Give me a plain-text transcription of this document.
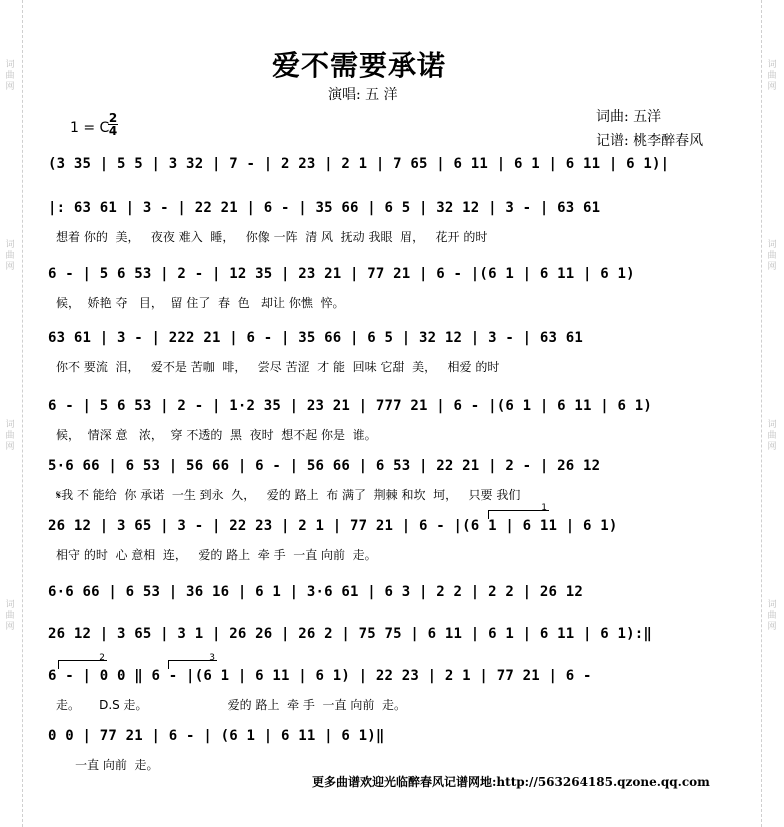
词曲网
词曲网
词曲网
词曲网
词曲网
词曲网
词曲网
词曲网
爱不需要承诺
演唱: 五 洋
词曲: 五洋
记谱: 桃李醉春风
1 = C
2
4
(3 35 | 5 5 | 3 32 | 7 - | 2 23 | 2 1 | 7 65 | 6 11 | 6 1 | 6 11 | 6 1)|
|: 63 61 | 3 - | 22 21 | 6 - | 35 66 | 6 5 | 32 12 | 3 - | 63 61
想着 你的  美，   夜夜 难入  睡，   你像 一阵  清 风  抚动 我眼  眉，   花开 的时
6 - | 5 6 53 | 2 - | 12 35 | 23 21 | 77 21 | 6 - |(6 1 | 6 11 | 6 1)
候，  娇艳 夺   目，  留 住了  春  色   却让 你憔  悴。
63 61 | 3 - | 222 21 | 6 - | 35 66 | 6 5 | 32 12 | 3 - | 63 61
你不 要流  泪，   爱不是 苦咖  啡，   尝尽 苦涩  才 能  回味 它甜  美，   相爱 的时
6 - | 5 6 53 | 2 - | 1·2 35 | 23 21 | 777 21 | 6 - |(6 1 | 6 11 | 6 1)
候，  情深 意   浓，  穿 不透的  黑  夜时  想不起 你是  谁。
5·6 66 | 6 53 | 56 66 | 6 - | 56 66 | 6 53 | 22 21 | 2 - | 26 12
𝄋我 不 能给  你 承诺  一生 到永  久，   爱的 路上  布 满了  荆棘 和坎  坷，   只要 我们
1
26 12 | 3 65 | 3 - | 22 23 | 2 1 | 77 21 | 6 - |(6 1 | 6 11 | 6 1)
相守 的时  心 意相  连，   爱的 路上  牵 手  一直 向前  走。
6·6 66 | 6 53 | 36 16 | 6 1 | 3·6 61 | 6 3 | 2 2 | 2 2 | 26 12
26 12 | 3 65 | 3 1 | 26 26 | 26 2 | 75 75 | 6 11 | 6 1 | 6 11 | 6 1):‖
2	3
6 - | 0 0 ‖ 6 - |(6 1 | 6 11 | 6 1) | 22 23 | 2 1 | 77 21 | 6 -
走。     D.S 走。                     爱的 路上  牵 手  一直 向前  走。
0 0 | 77 21 | 6 - | (6 1 | 6 11 | 6 1)‖
一直 向前  走。
更多曲谱欢迎光临醉春风记谱网地:http://563264185.qzone.qq.com
